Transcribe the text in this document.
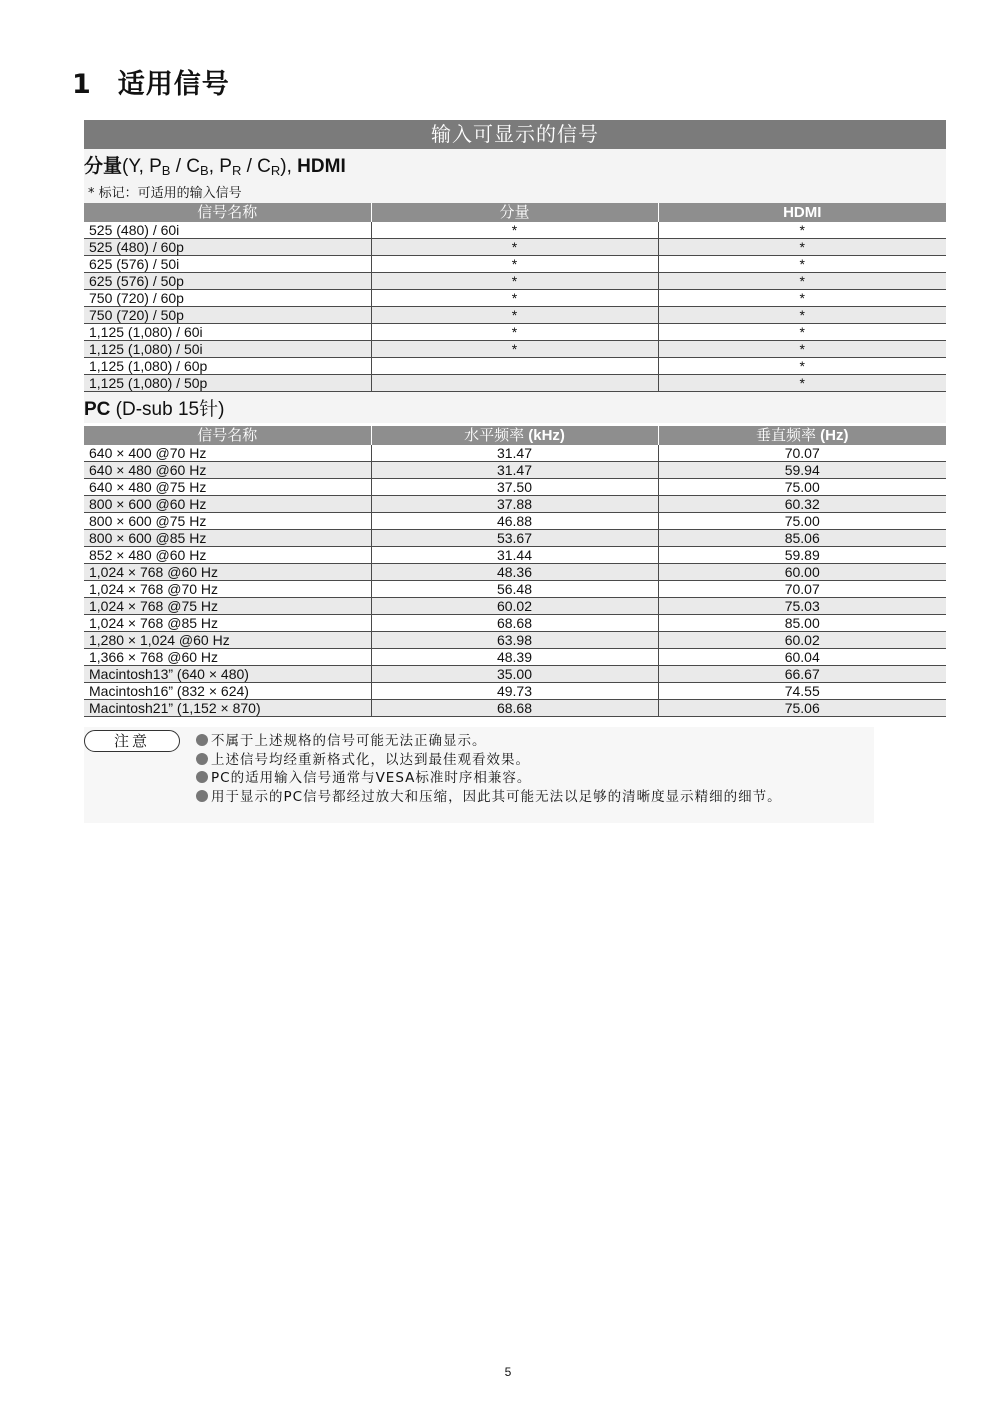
1 适用信号
输入可显示的信号
分量(Y, $P_B / C_B$, $P_R / C_R$), HDMI
* 标记：可适用的输入信号
信号名称	分量	HDMI
525 (480) / 60i	*	*
525 (480) / 60p	*	*
625 (576) / 50i	*	*
625 (576) / 50p	*	*
750 (720) / 60p	*	*
750 (720) / 50p	*	*
1,125 (1,080) / 60i	*	*
1,125 (1,080) / 50i	*	*
1,125 (1,080) / 60p		*
1,125 (1,080) / 50p		*
PC (D-sub 15针)
信号名称	水平频率 (kHz)	垂直频率 (Hz)
640 × 400 @70 Hz	31.47	70.07
640 × 480 @60 Hz	31.47	59.94
640 × 480 @75 Hz	37.50	75.00
800 × 600 @60 Hz	37.88	60.32
800 × 600 @75 Hz	46.88	75.00
800 × 600 @85 Hz	53.67	85.06
852 × 480 @60 Hz	31.44	59.89
1,024 × 768 @60 Hz	48.36	60.00
1,024 × 768 @70 Hz	56.48	70.07
1,024 × 768 @75 Hz	60.02	75.03
1,024 × 768 @85 Hz	68.68	85.00
1,280 × 1,024 @60 Hz	63.98	60.02
1,366 × 768 @60 Hz	48.39	60.04
Macintosh13” (640 × 480)	35.00	66.67
Macintosh16” (832 × 624)	49.73	74.55
Macintosh21” (1,152 × 870)	68.68	75.06
注意	不属于上述规格的信号可能无法正确显示。
上述信号均经重新格式化，以达到最佳观看效果。
PC的适用输入信号通常与VESA标准时序相兼容。
用于显示的PC信号都经过放大和压缩，因此其可能无法以足够的清晰度显示精细的细节。
5
